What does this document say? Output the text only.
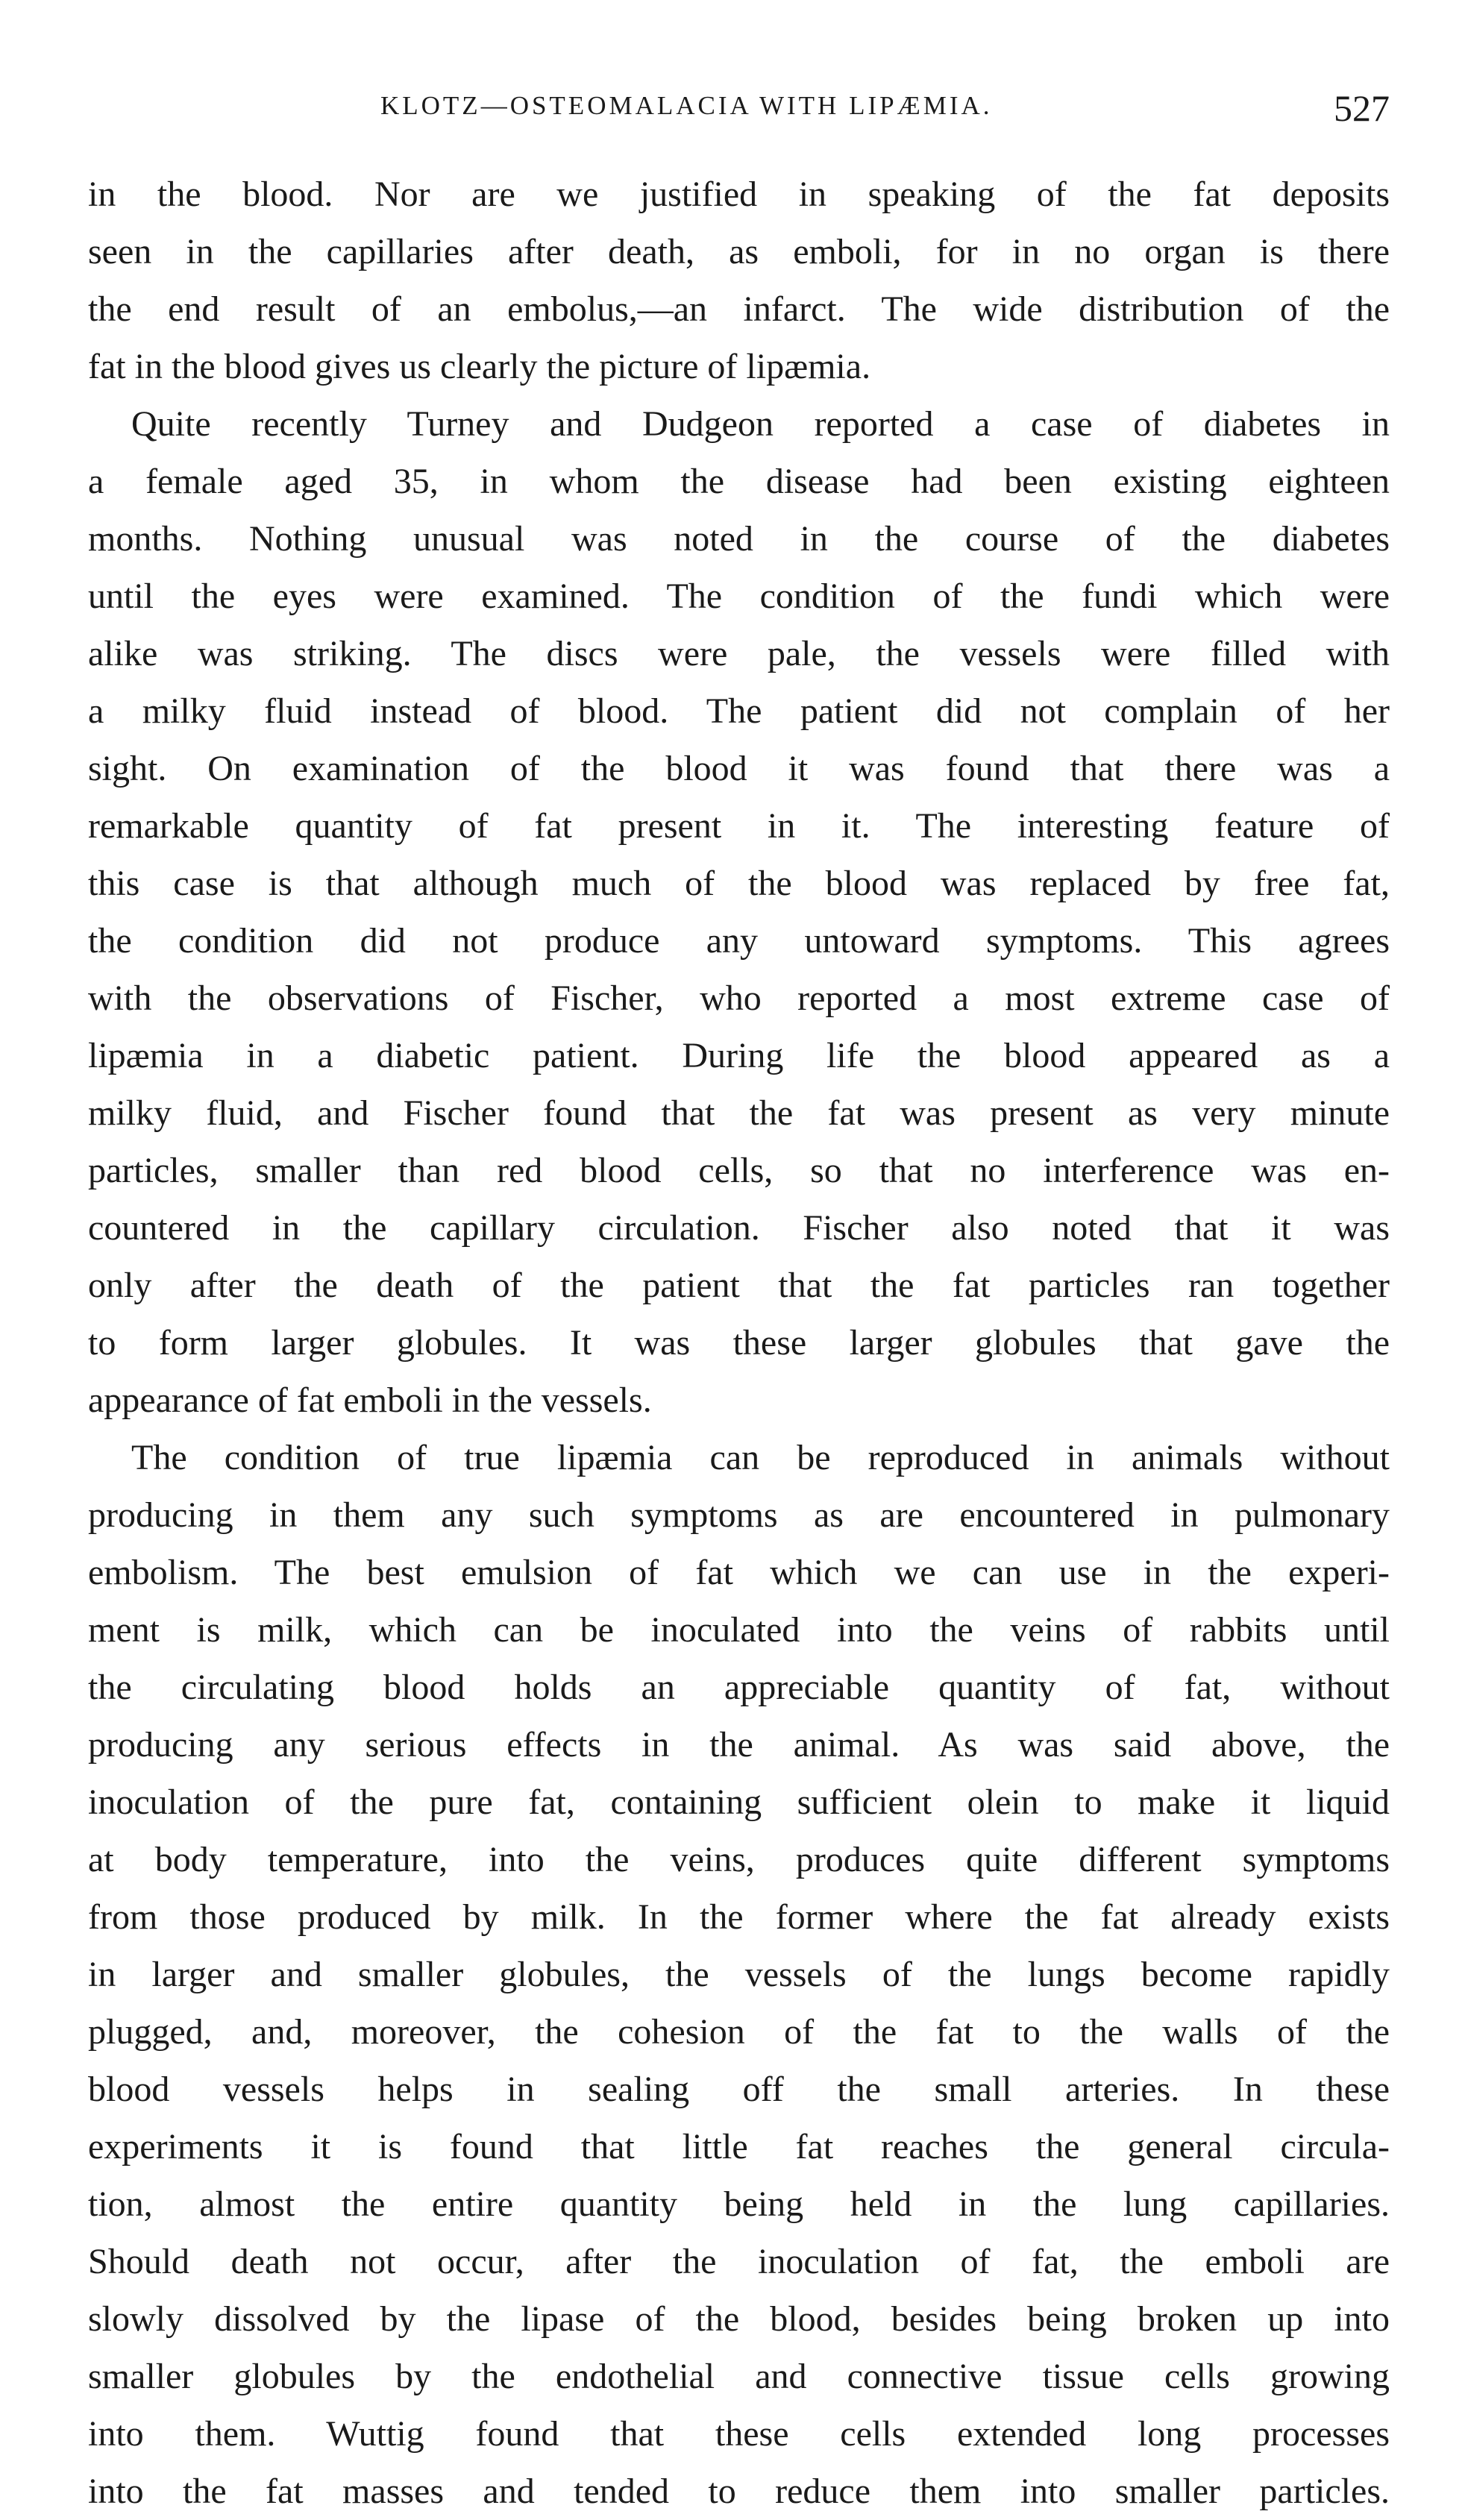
KLOTZ—OSTEOMALACIA WITH LIPÆMIA.	527
in the blood. Nor are we justified in speaking of the fat deposits
seen in the capillaries after death, as emboli, for in no organ is there
the end result of an embolus,—an infarct. The wide distribution of the
fat in the blood gives us clearly the picture of lipæmia.
Quite recently Turney and Dudgeon reported a case of diabetes in
a female aged 35, in whom the disease had been existing eighteen
months. Nothing unusual was noted in the course of the diabetes
until the eyes were examined. The condition of the fundi which were
alike was striking. The discs were pale, the vessels were filled with
a milky fluid instead of blood. The patient did not complain of her
sight. On examination of the blood it was found that there was a
remarkable quantity of fat present in it. The interesting feature of
this case is that although much of the blood was replaced by free fat,
the condition did not produce any untoward symptoms. This agrees
with the observations of Fischer, who reported a most extreme case of
lipæmia in a diabetic patient. During life the blood appeared as a
milky fluid, and Fischer found that the fat was present as very minute
particles, smaller than red blood cells, so that no interference was en-
countered in the capillary circulation. Fischer also noted that it was
only after the death of the patient that the fat particles ran together
to form larger globules. It was these larger globules that gave the
appearance of fat emboli in the vessels.
The condition of true lipæmia can be reproduced in animals without
producing in them any such symptoms as are encountered in pulmonary
embolism. The best emulsion of fat which we can use in the experi-
ment is milk, which can be inoculated into the veins of rabbits until
the circulating blood holds an appreciable quantity of fat, without
producing any serious effects in the animal. As was said above, the
inoculation of the pure fat, containing sufficient olein to make it liquid
at body temperature, into the veins, produces quite different symptoms
from those produced by milk. In the former where the fat already exists
in larger and smaller globules, the vessels of the lungs become rapidly
plugged, and, moreover, the cohesion of the fat to the walls of the
blood vessels helps in sealing off the small arteries. In these
experiments it is found that little fat reaches the general circula-
tion, almost the entire quantity being held in the lung capillaries.
Should death not occur, after the inoculation of fat, the emboli are
slowly dissolved by the lipase of the blood, besides being broken up into
smaller globules by the endothelial and connective tissue cells growing
into them. Wuttig found that these cells extended long processes
into the fat masses and tended to reduce them into smaller particles.
